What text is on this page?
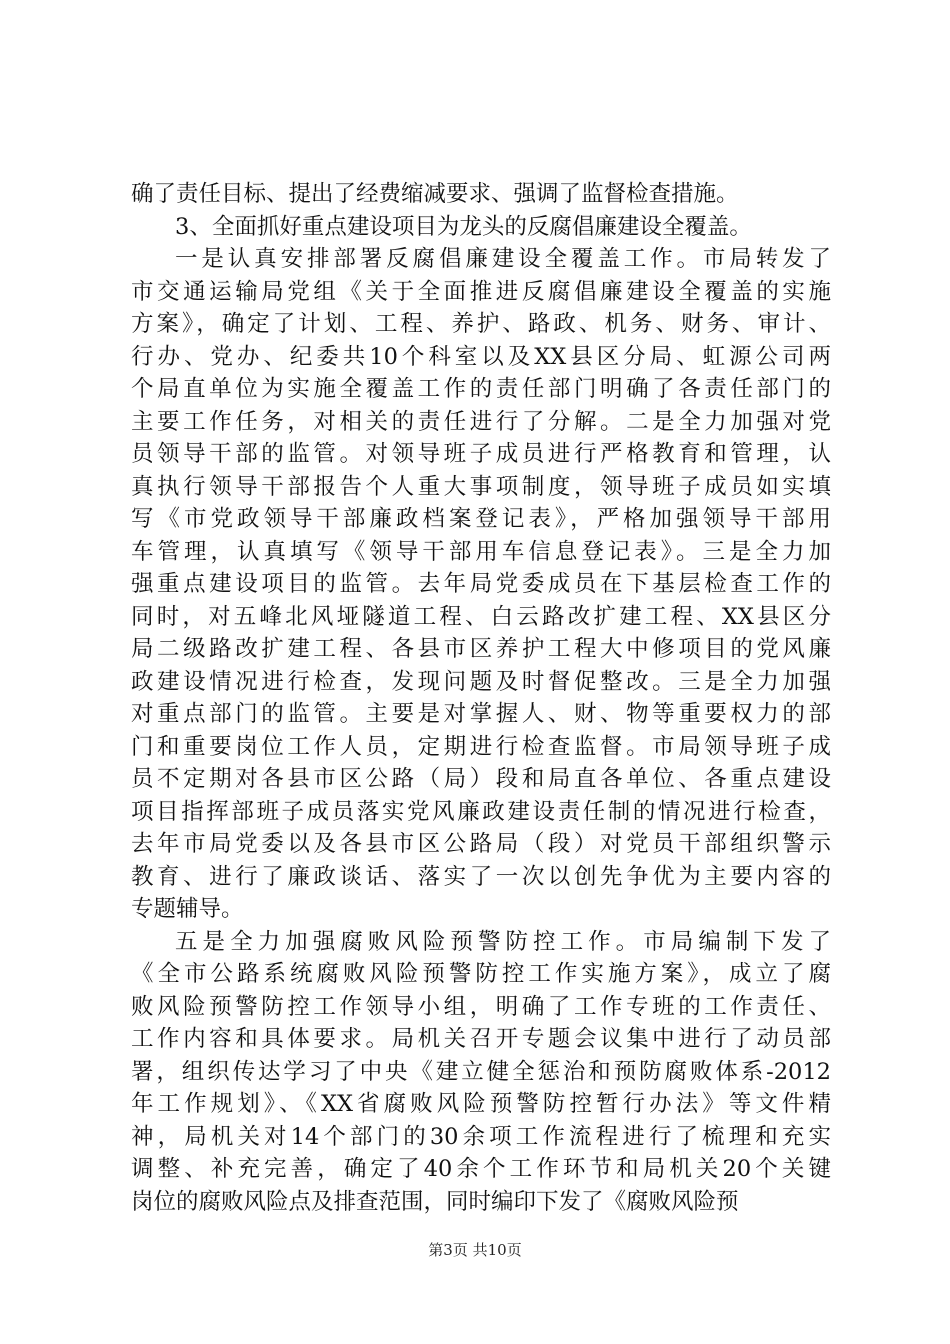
确了责任目标、提出了经费缩减要求、强调了监督检查措施。
3、全面抓好重点建设项目为龙头的反腐倡廉建设全覆盖。
一是认真安排部署反腐倡廉建设全覆盖工作。市局转发了
市交通运输局党组《关于全面推进反腐倡廉建设全覆盖的实施
方案》，确定了计划、工程、养护、路政、机务、财务、审计、
行办、党办、纪委共10个科室以及XX县区分局、虹源公司两
个局直单位为实施全覆盖工作的责任部门明确了各责任部门的
主要工作任务，对相关的责任进行了分解。二是全力加强对党
员领导干部的监管。对领导班子成员进行严格教育和管理，认
真执行领导干部报告个人重大事项制度，领导班子成员如实填
写《市党政领导干部廉政档案登记表》，严格加强领导干部用
车管理，认真填写《领导干部用车信息登记表》。三是全力加
强重点建设项目的监管。去年局党委成员在下基层检查工作的
同时，对五峰北风垭隧道工程、白云路改扩建工程、XX县区分
局二级路改扩建工程、各县市区养护工程大中修项目的党风廉
政建设情况进行检查，发现问题及时督促整改。三是全力加强
对重点部门的监管。主要是对掌握人、财、物等重要权力的部
门和重要岗位工作人员，定期进行检查监督。市局领导班子成
员不定期对各县市区公路（局）段和局直各单位、各重点建设
项目指挥部班子成员落实党风廉政建设责任制的情况进行检查，
去年市局党委以及各县市区公路局（段）对党员干部组织警示
教育、进行了廉政谈话、落实了一次以创先争优为主要内容的
专题辅导。
五是全力加强腐败风险预警防控工作。市局编制下发了
《全市公路系统腐败风险预警防控工作实施方案》，成立了腐
败风险预警防控工作领导小组，明确了工作专班的工作责任、
工作内容和具体要求。局机关召开专题会议集中进行了动员部
署，组织传达学习了中央《建立健全惩治和预防腐败体系-2012
年工作规划》、《XX省腐败风险预警防控暂行办法》等文件精
第3页 共10页
神，局机关对14个部门的30余项工作流程进行了梳理和充实
调整、补充完善，确定了40余个工作环节和局机关20个关键
岗位的腐败风险点及排查范围，同时编印下发了《腐败风险预
